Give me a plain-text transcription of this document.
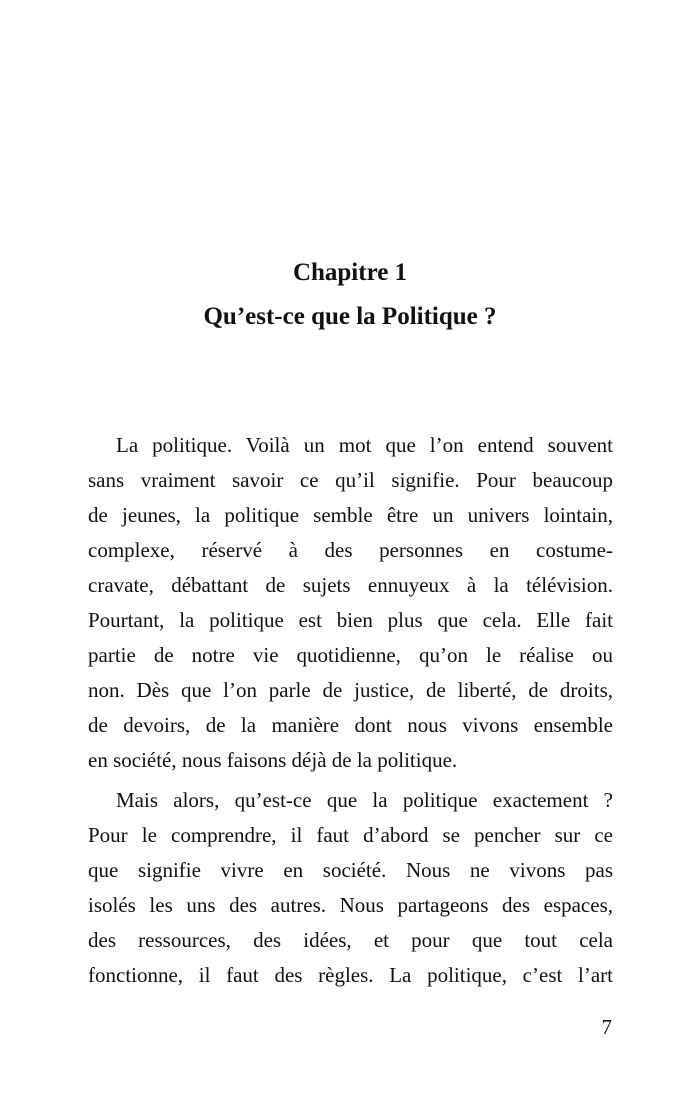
Chapitre 1
Qu’est-ce que la Politique ?
La politique. Voilà un mot que l’on entend souvent
sans vraiment savoir ce qu’il signifie. Pour beaucoup
de jeunes, la politique semble être un univers lointain,
complexe, réservé à des personnes en costume-
cravate, débattant de sujets ennuyeux à la télévision.
Pourtant, la politique est bien plus que cela. Elle fait
partie de notre vie quotidienne, qu’on le réalise ou
non. Dès que l’on parle de justice, de liberté, de droits,
de devoirs, de la manière dont nous vivons ensemble
en société, nous faisons déjà de la politique.
Mais alors, qu’est-ce que la politique exactement ?
Pour le comprendre, il faut d’abord se pencher sur ce
que signifie vivre en société. Nous ne vivons pas
isolés les uns des autres. Nous partageons des espaces,
des ressources, des idées, et pour que tout cela
fonctionne, il faut des règles. La politique, c’est l’art
7
